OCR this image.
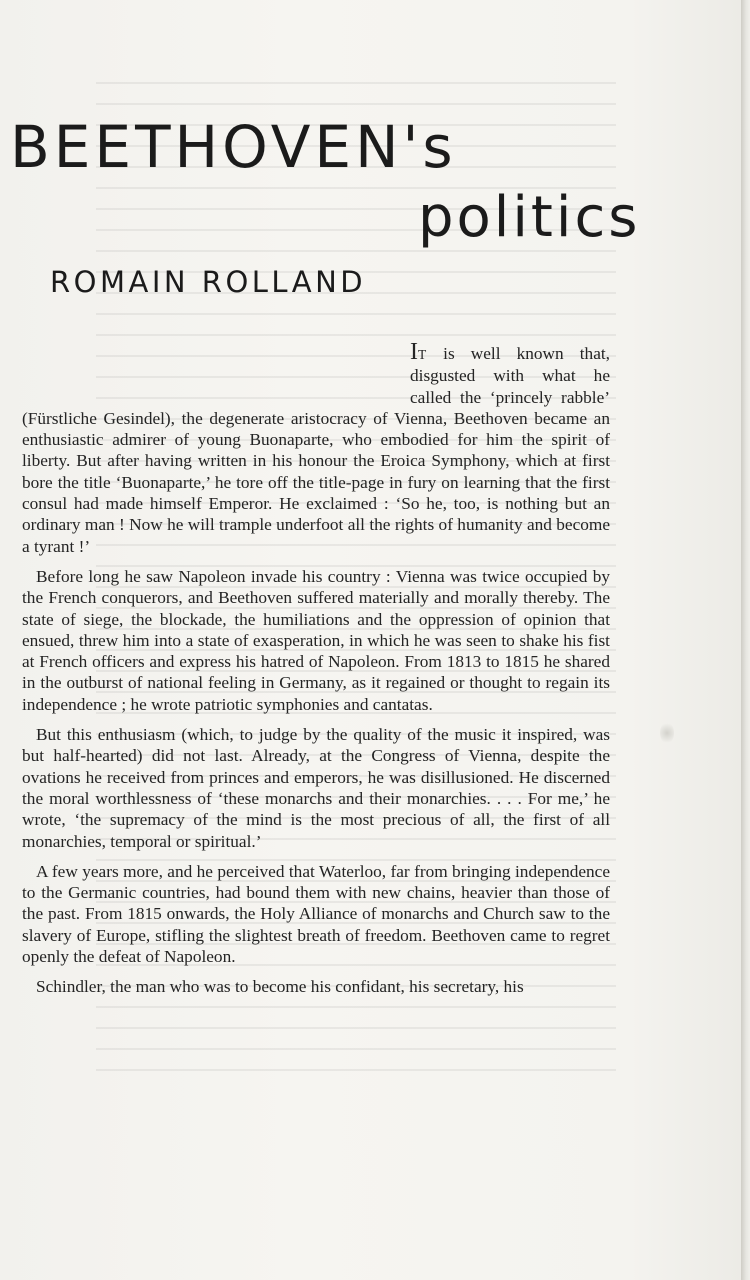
BEETHOVEN's
politics
ROMAIN ROLLAND

IT is well known that, disgusted with what he called the ‘princely rabble’ (Fürstliche Gesindel), the degenerate aristocracy of Vienna, Beethoven became an enthusiastic admirer of young Buonaparte, who embodied for him the spirit of liberty. But after having written in his honour the Eroica Symphony, which at first bore the title ‘Buonaparte,’ he tore off the title-page in fury on learning that the first consul had made himself Emperor. He exclaimed : ‘So he, too, is nothing but an ordinary man ! Now he will trample underfoot all the rights of humanity and become a tyrant !’

Before long he saw Napoleon invade his country : Vienna was twice occupied by the French conquerors, and Beethoven suffered materially and morally thereby. The state of siege, the blockade, the humiliations and the oppression of opinion that ensued, threw him into a state of exasperation, in which he was seen to shake his fist at French officers and express his hatred of Napoleon. From 1813 to 1815 he shared in the outburst of national feeling in Germany, as it regained or thought to regain its independence ; he wrote patriotic symphonies and cantatas.

But this enthusiasm (which, to judge by the quality of the music it inspired, was but half-hearted) did not last. Already, at the Congress of Vienna, despite the ovations he received from princes and emperors, he was disillusioned. He discerned the moral worthlessness of ‘these monarchs and their monarchies. . . . For me,’ he wrote, ‘the supremacy of the mind is the most precious of all, the first of all monarchies, temporal or spiritual.’

A few years more, and he perceived that Waterloo, far from bringing independence to the Germanic countries, had bound them with new chains, heavier than those of the past. From 1815 onwards, the Holy Alliance of monarchs and Church saw to the slavery of Europe, stifling the slightest breath of freedom. Beethoven came to regret openly the defeat of Napoleon.

Schindler, the man who was to become his confidant, his secretary, his
